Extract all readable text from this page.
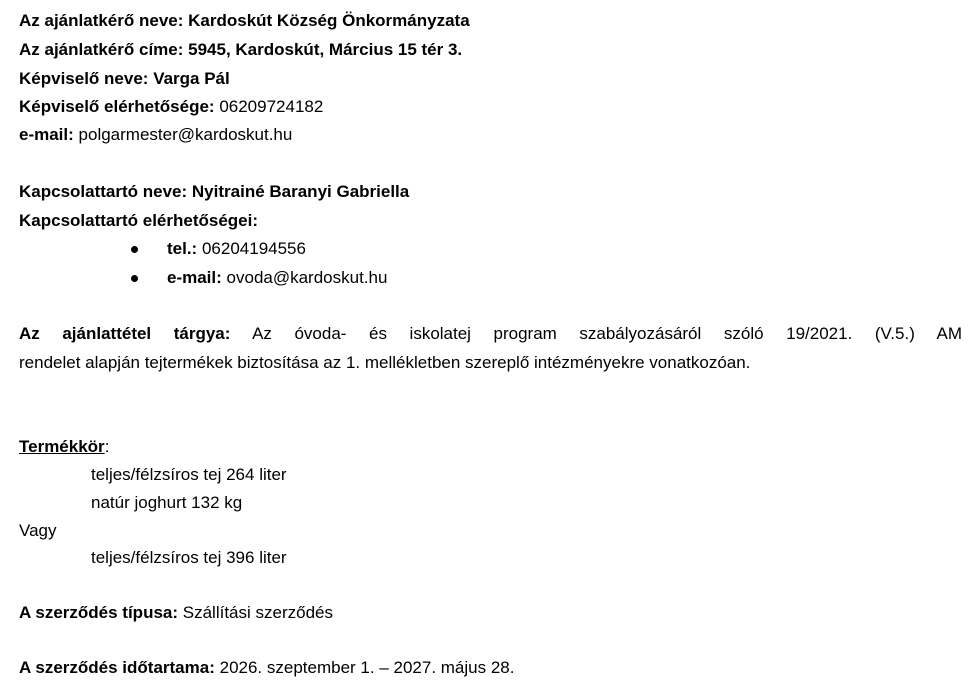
Az ajánlatkérő neve: Kardoskút Község Önkormányzata
Az ajánlatkérő címe: 5945, Kardoskút, Március 15 tér 3.
Képviselő neve: Varga Pál
Képviselő elérhetősége: 06209724182
e-mail: polgarmester@kardoskut.hu
Kapcsolattartó neve: Nyitrainé Baranyi Gabriella
Kapcsolattartó elérhetőségei:
tel.: 06204194556
e-mail: ovoda@kardoskut.hu
Az ajánlattétel tárgya: Az óvoda- és iskolatej program szabályozásáról szóló 19/2021. (V.5.) AM
rendelet alapján tejtermékek biztosítása az 1. mellékletben szereplő intézményekre vonatkozóan.
Termékkör:
teljes/félzsíros tej 264 liter
natúr joghurt 132 kg
Vagy
teljes/félzsíros tej 396 liter
A szerződés típusa: Szállítási szerződés
A szerződés időtartama: 2026. szeptember 1. – 2027. május 28.
